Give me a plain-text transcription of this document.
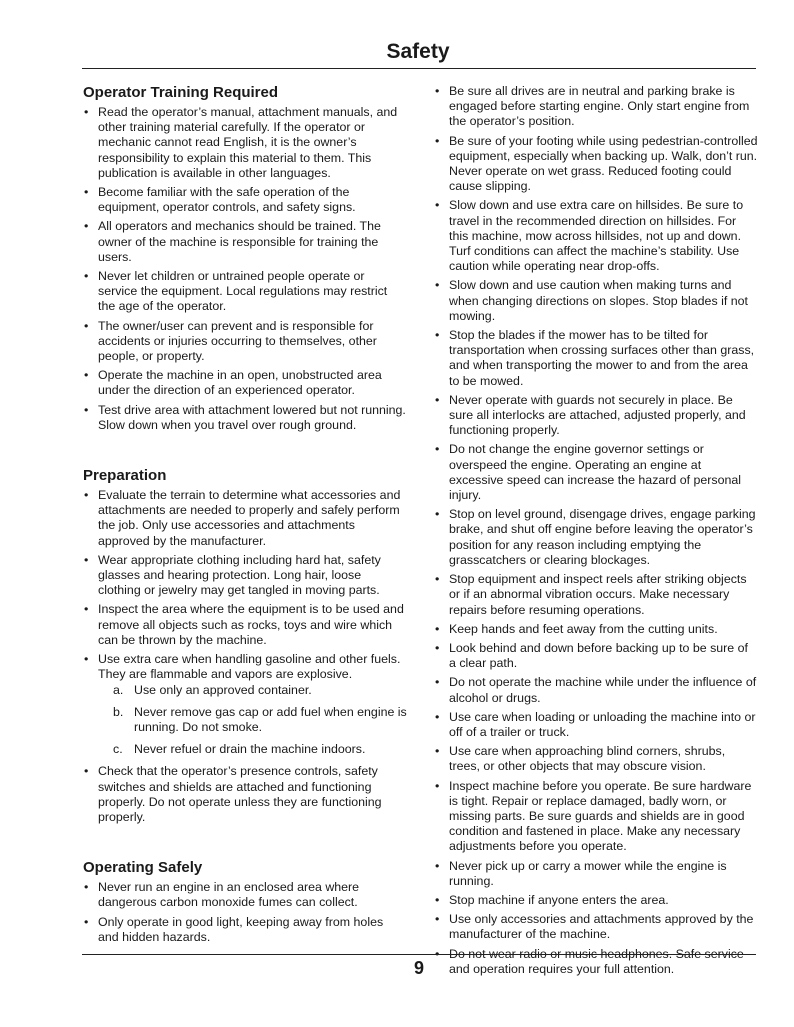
Safety
Operator Training Required
• Read the operator’s manual, attachment manuals, and other training material carefully. If the operator or mechanic cannot read English, it is the owner’s responsibility to explain this material to them. This publication is available in other languages.
• Become familiar with the safe operation of the equipment, operator controls, and safety signs.
• All operators and mechanics should be trained. The owner of the machine is responsible for training the users.
• Never let children or untrained people operate or service the equipment. Local regulations may restrict the age of the operator.
• The owner/user can prevent and is responsible for accidents or injuries occurring to themselves, other people, or property.
• Operate the machine in an open, unobstructed area under the direction of an experienced operator.
• Test drive area with attachment lowered but not running. Slow down when you travel over rough ground.
Preparation
• Evaluate the terrain to determine what accessories and attachments are needed to properly and safely perform the job. Only use accessories and attachments approved by the manufacturer.
• Wear appropriate clothing including hard hat, safety glasses and hearing protection. Long hair, loose clothing or jewelry may get tangled in moving parts.
• Inspect the area where the equipment is to be used and remove all objects such as rocks, toys and wire which can be thrown by the machine.
• Use extra care when handling gasoline and other fuels. They are flammable and vapors are explosive.
a. Use only an approved container.
b. Never remove gas cap or add fuel when engine is running. Do not smoke.
c. Never refuel or drain the machine indoors.
• Check that the operator’s presence controls, safety switches and shields are attached and functioning properly. Do not operate unless they are functioning properly.
Operating Safely
• Never run an engine in an enclosed area where dangerous carbon monoxide fumes can collect.
• Only operate in good light, keeping away from holes and hidden hazards.
• Be sure all drives are in neutral and parking brake is engaged before starting engine. Only start engine from the operator’s position.
• Be sure of your footing while using pedestrian-controlled equipment, especially when backing up. Walk, don’t run. Never operate on wet grass. Reduced footing could cause slipping.
• Slow down and use extra care on hillsides. Be sure to travel in the recommended direction on hillsides. For this machine, mow across hillsides, not up and down. Turf conditions can affect the machine’s stability. Use caution while operating near drop-offs.
• Slow down and use caution when making turns and when changing directions on slopes. Stop blades if not mowing.
• Stop the blades if the mower has to be tilted for transportation when crossing surfaces other than grass, and when transporting the mower to and from the area to be mowed.
• Never operate with guards not securely in place. Be sure all interlocks are attached, adjusted properly, and functioning properly.
• Do not change the engine governor settings or overspeed the engine. Operating an engine at excessive speed can increase the hazard of personal injury.
• Stop on level ground, disengage drives, engage parking brake, and shut off engine before leaving the operator’s position for any reason including emptying the grasscatchers or clearing blockages.
• Stop equipment and inspect reels after striking objects or if an abnormal vibration occurs. Make necessary repairs before resuming operations.
• Keep hands and feet away from the cutting units.
• Look behind and down before backing up to be sure of a clear path.
• Do not operate the machine while under the influence of alcohol or drugs.
• Use care when loading or unloading the machine into or off of a trailer or truck.
• Use care when approaching blind corners, shrubs, trees, or other objects that may obscure vision.
• Inspect machine before you operate. Be sure hardware is tight. Repair or replace damaged, badly worn, or missing parts. Be sure guards and shields are in good condition and fastened in place. Make any necessary adjustments before you operate.
• Never pick up or carry a mower while the engine is running.
• Stop machine if anyone enters the area.
• Use only accessories and attachments approved by the manufacturer of the machine.
• Do not wear radio or music headphones. Safe service and operation requires your full attention.
9
